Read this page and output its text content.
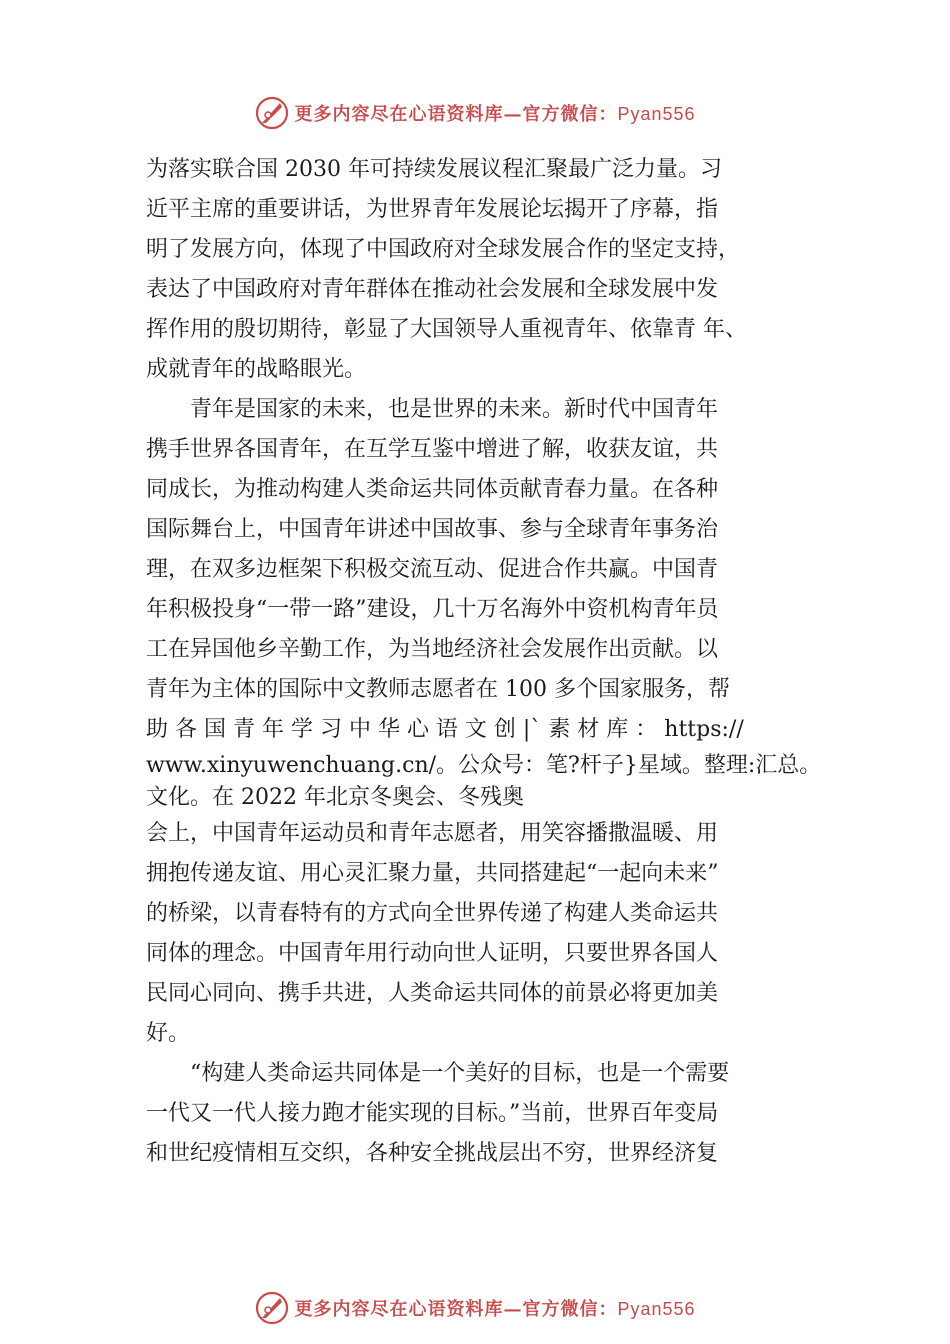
更多内容尽在心语资料库—官方微信：Pyan556
为落实联合国 2030 年可持续发展议程汇聚最广泛力量。习
近平主席的重要讲话，为世界青年发展论坛揭开了序幕，指
明了发展方向，体现了中国政府对全球发展合作的坚定支持，
表达了中国政府对青年群体在推动社会发展和全球发展中发
挥作用的殷切期待，彰显了大国领导人重视青年、依靠青 年、
成就青年的战略眼光。
青年是国家的未来，也是世界的未来。新时代中国青年
携手世界各国青年，在互学互鉴中增进了解，收获友谊，共
同成长，为推动构建人类命运共同体贡献青春力量。在各种
国际舞台上，中国青年讲述中国故事、参与全球青年事务治
理，在双多边框架下积极交流互动、促进合作共赢。中国青
年积极投身“一带一路”建设，几十万名海外中资机构青年员
工在异国他乡辛勤工作，为当地经济社会发展作出贡献。以
青年为主体的国际中文教师志愿者在 100 多个国家服务，帮
助 各 国 青 年 学 习 中 华 心 语 文 创 |` 素 材 库 ： https://
www.xinyuwenchuang.cn/。公众号：笔?杆子}星域。整理:汇总。
文化。在 2022 年北京冬奥会、冬残奥
会上，中国青年运动员和青年志愿者，用笑容播撒温暖、用
拥抱传递友谊、用心灵汇聚力量，共同搭建起“一起向未来”
的桥梁，以青春特有的方式向全世界传递了构建人类命运共
同体的理念。中国青年用行动向世人证明，只要世界各国人
民同心同向、携手共进，人类命运共同体的前景必将更加美
好。
“构建人类命运共同体是一个美好的目标，也是一个需要
一代又一代人接力跑才能实现的目标。”当前，世界百年变局
和世纪疫情相互交织，各种安全挑战层出不穷，世界经济复
更多内容尽在心语资料库—官方微信：Pyan556
